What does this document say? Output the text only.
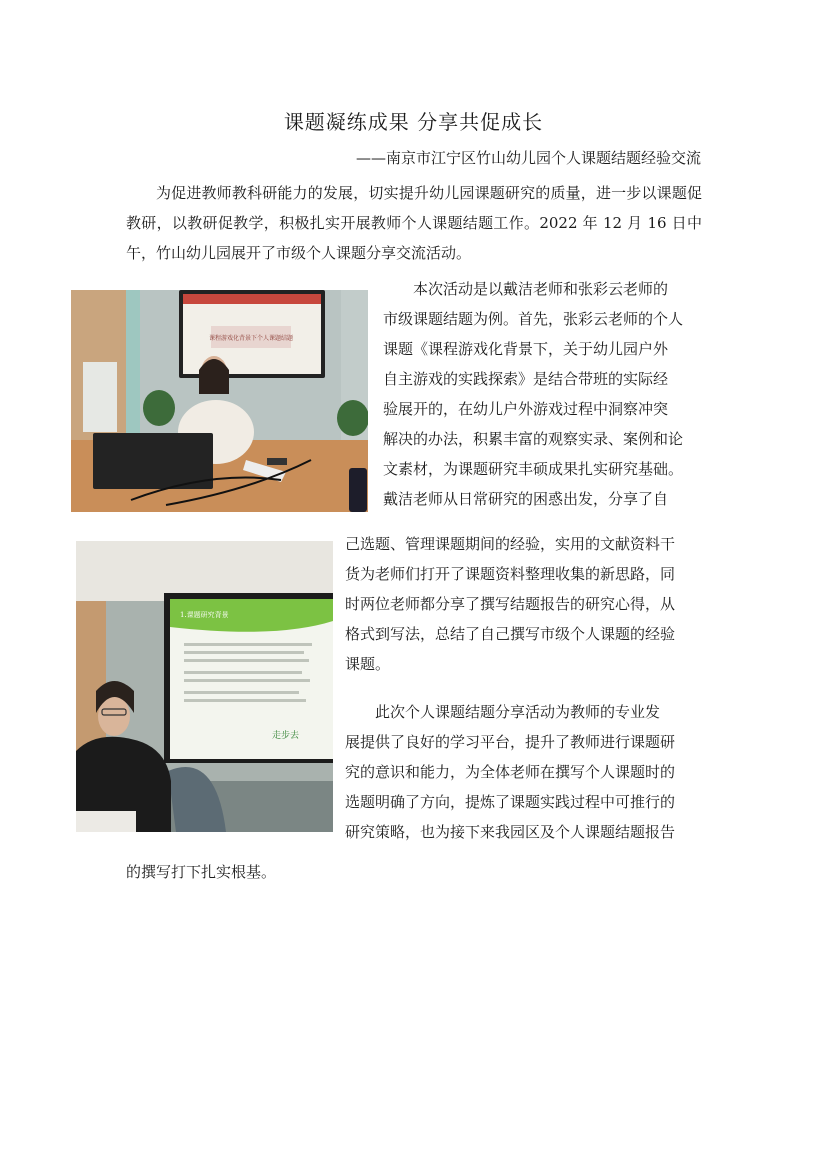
课题凝练成果 分享共促成长
——南京市江宁区竹山幼儿园个人课题结题经验交流

为促进教师教科研能力的发展，切实提升幼儿园课题研究的质量，进一步以课题促教研，以教研促教学，积极扎实开展教师个人课题结题工作。2022 年 12 月 16 日中午，竹山幼儿园展开了市级个人课题分享交流活动。

课程游戏化背景下个人课题结题

本次活动是以戴洁老师和张彩云老师的
市级课题结题为例。首先，张彩云老师的个人
课题《课程游戏化背景下，关于幼儿园户外
自主游戏的实践探索》是结合带班的实际经
验展开的，在幼儿户外游戏过程中洞察冲突
解决的办法，积累丰富的观察实录、案例和论
文素材，为课题研究丰硕成果扎实研究基础。
戴洁老师从日常研究的困惑出发，分享了自

己选题、管理课题期间的经验，实用的文献资料干
货为老师们打开了课题资料整理收集的新思路，同
时两位老师都分享了撰写结题报告的研究心得，从
格式到写法，总结了自己撰写市级个人课题的经验
课题。

1.课题研究背景
走步去

此次个人课题结题分享活动为教师的专业发
展提供了良好的学习平台，提升了教师进行课题研
究的意识和能力，为全体老师在撰写个人课题时的
选题明确了方向，提炼了课题实践过程中可推行的
研究策略，也为接下来我园区及个人课题结题报告

的撰写打下扎实根基。
